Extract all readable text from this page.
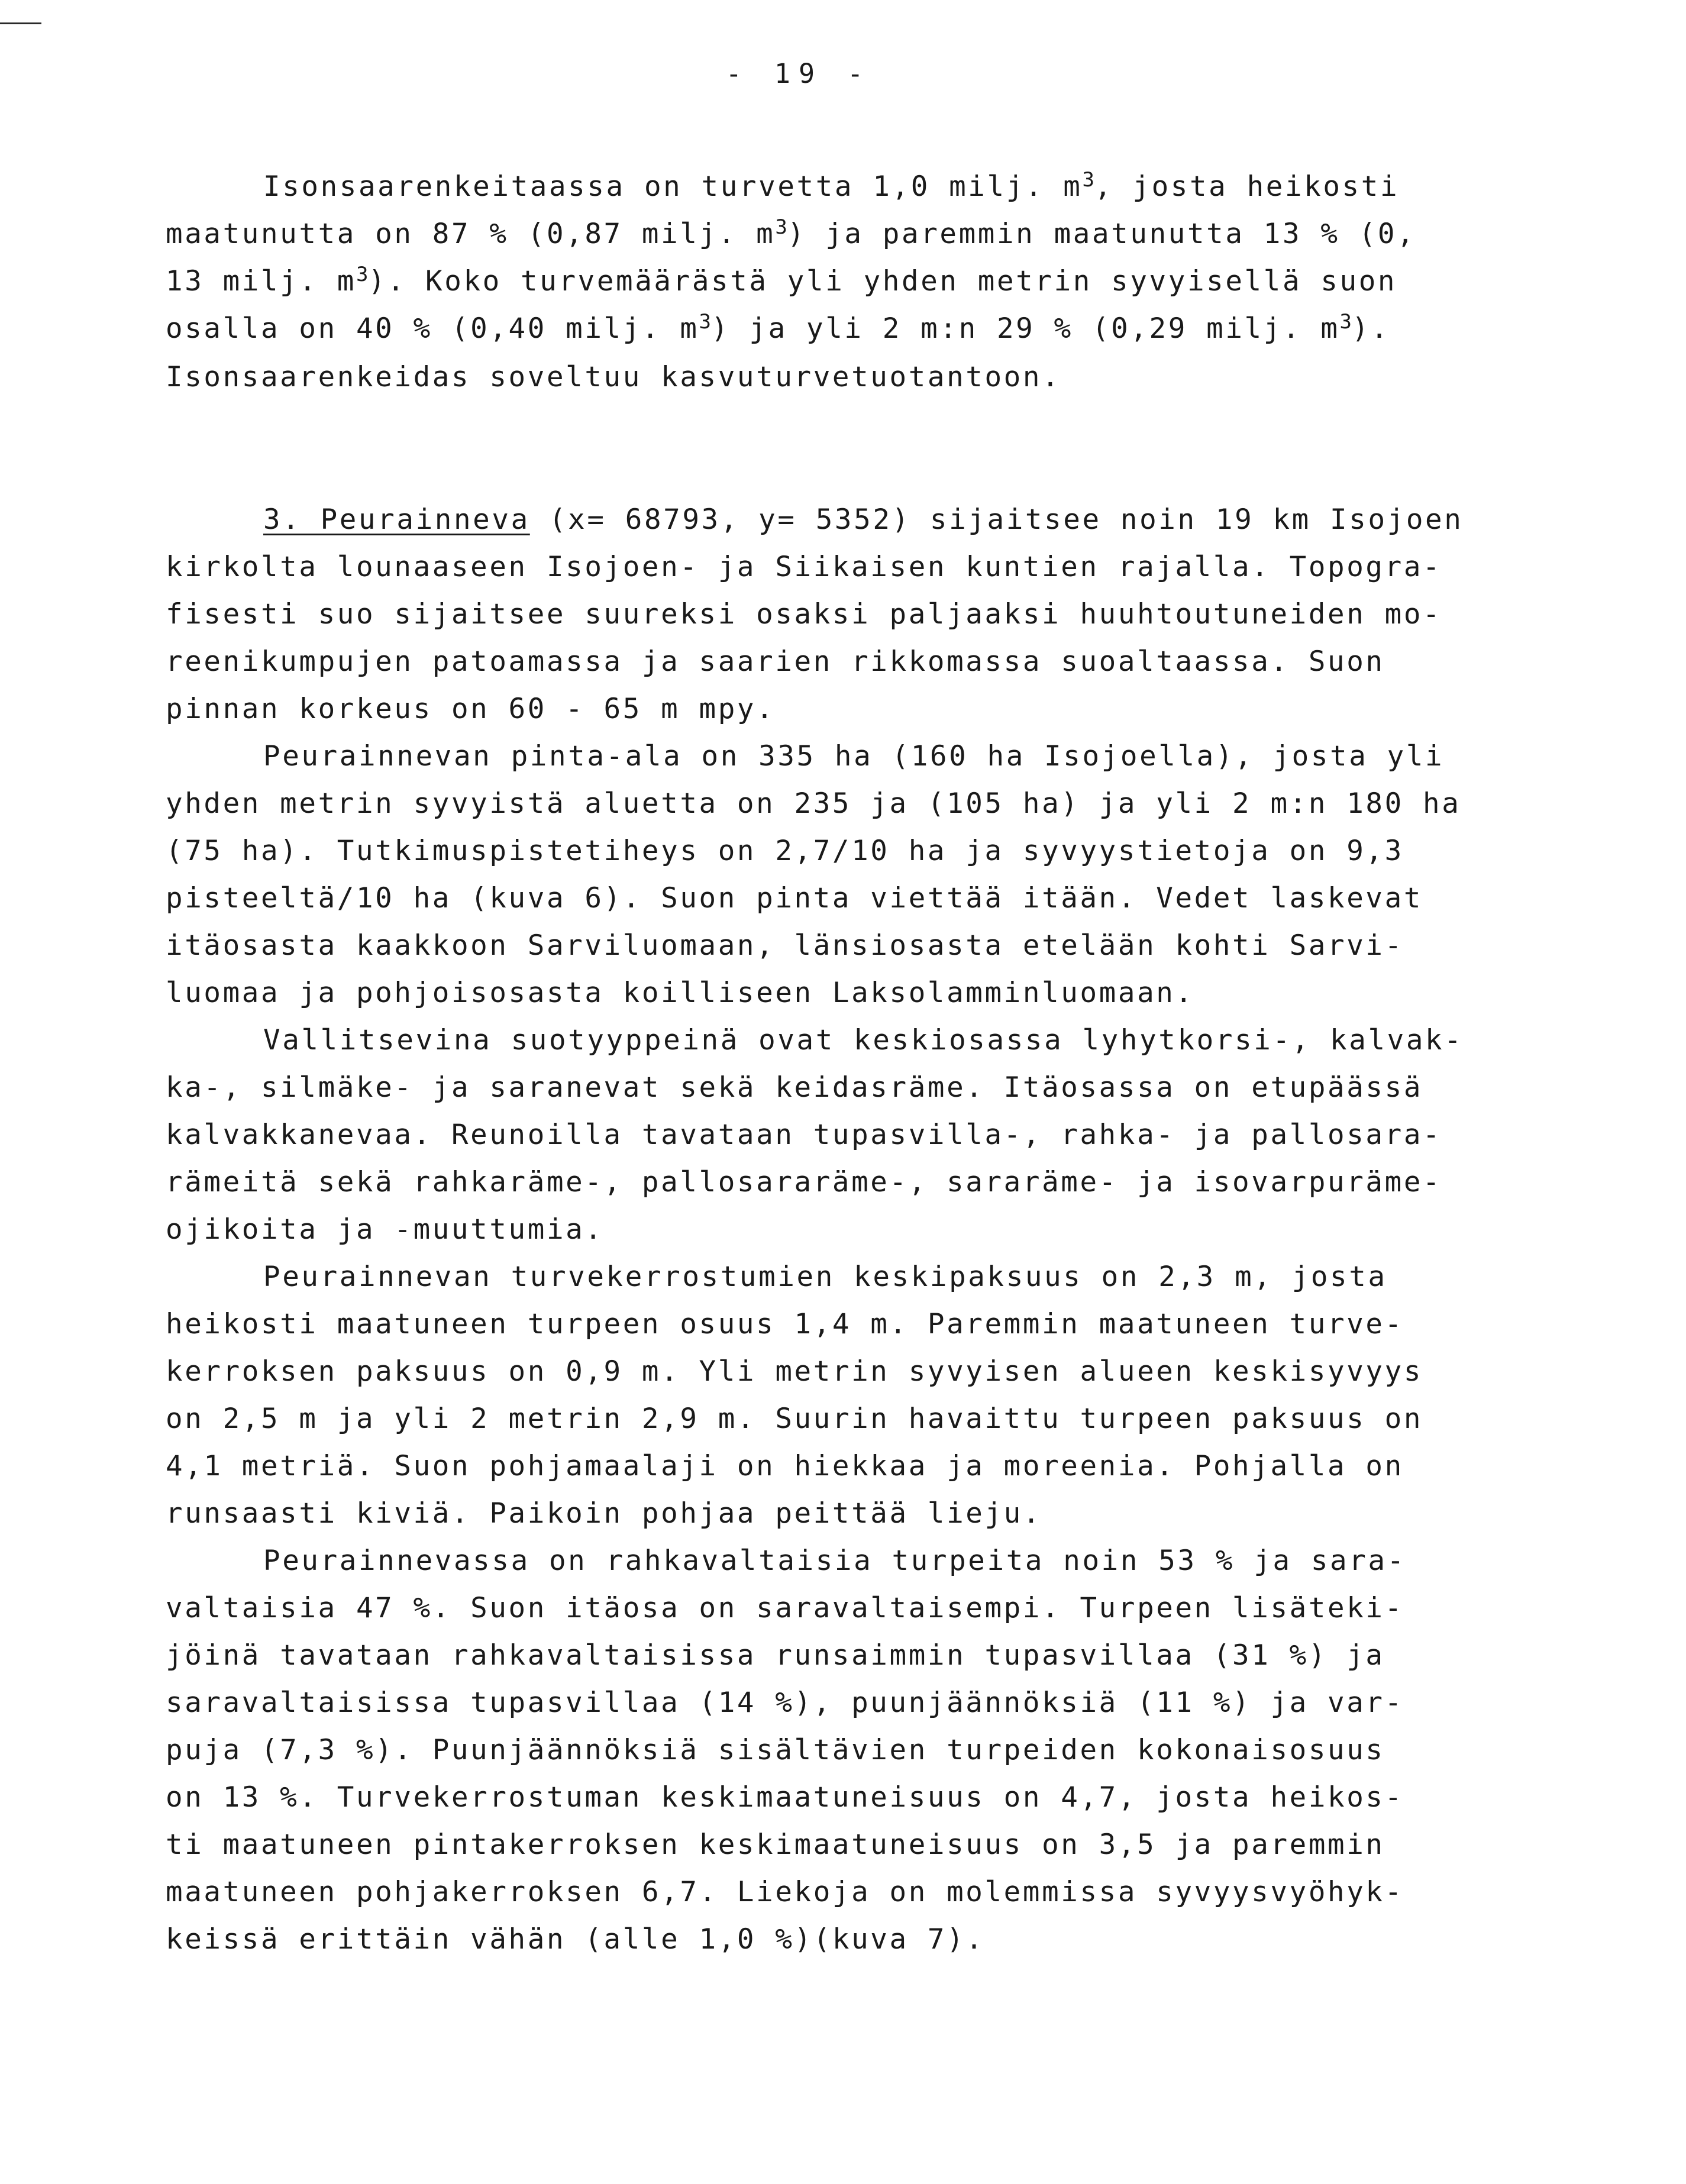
- 19 -
Isonsaarenkeitaassa on turvetta 1,0 milj. $m^3$, josta heikosti
maatunutta on 87 % (0,87 milj. $m^3$) ja paremmin maatunutta 13 % (0,
13 milj. $m^3$). Koko turvemäärästä yli yhden metrin syvyisellä suon
osalla on 40 % (0,40 milj. $m^3$) ja yli 2 m:n 29 % (0,29 milj. $m^3$).
Isonsaarenkeidas soveltuu kasvuturvetuotantoon.
3. Peurainneva (x= 68793, y= 5352) sijaitsee noin 19 km Isojoen
kirkolta lounaaseen Isojoen- ja Siikaisen kuntien rajalla. Topogra-
fisesti suo sijaitsee suureksi osaksi paljaaksi huuhtoutuneiden mo-
reenikumpujen patoamassa ja saarien rikkomassa suoaltaassa. Suon
pinnan korkeus on 60 - 65 m mpy.
Peurainnevan pinta-ala on 335 ha (160 ha Isojoella), josta yli
yhden metrin syvyistä aluetta on 235 ja (105 ha) ja yli 2 m:n 180 ha
(75 ha). Tutkimuspistetiheys on 2,7/10 ha ja syvyystietoja on 9,3
pisteeltä/10 ha (kuva 6). Suon pinta viettää itään. Vedet laskevat
itäosasta kaakkoon Sarviluomaan, länsiosasta etelään kohti Sarvi-
luomaa ja pohjoisosasta koilliseen Laksolamminluomaan.
Vallitsevina suotyyppeinä ovat keskiosassa lyhytkorsi-, kalvak-
ka-, silmäke- ja saranevat sekä keidasräme. Itäosassa on etupäässä
kalvakkanevaa. Reunoilla tavataan tupasvilla-, rahka- ja pallosara-
rämeitä sekä rahkaräme-, pallosararäme-, sararäme- ja isovarpuräme-
ojikoita ja -muuttumia.
Peurainnevan turvekerrostumien keskipaksuus on 2,3 m, josta
heikosti maatuneen turpeen osuus 1,4 m. Paremmin maatuneen turve-
kerroksen paksuus on 0,9 m. Yli metrin syvyisen alueen keskisyvyys
on 2,5 m ja yli 2 metrin 2,9 m. Suurin havaittu turpeen paksuus on
4,1 metriä. Suon pohjamaalaji on hiekkaa ja moreenia. Pohjalla on
runsaasti kiviä. Paikoin pohjaa peittää lieju.
Peurainnevassa on rahkavaltaisia turpeita noin 53 % ja sara-
valtaisia 47 %. Suon itäosa on saravaltaisempi. Turpeen lisäteki-
jöinä tavataan rahkavaltaisissa runsaimmin tupasvillaa (31 %) ja
saravaltaisissa tupasvillaa (14 %), puunjäännöksiä (11 %) ja var-
puja (7,3 %). Puunjäännöksiä sisältävien turpeiden kokonaisosuus
on 13 %. Turvekerrostuman keskimaatuneisuus on 4,7, josta heikos-
ti maatuneen pintakerroksen keskimaatuneisuus on 3,5 ja paremmin
maatuneen pohjakerroksen 6,7. Liekoja on molemmissa syvyysvyöhyk-
keissä erittäin vähän (alle 1,0 %)(kuva 7).
